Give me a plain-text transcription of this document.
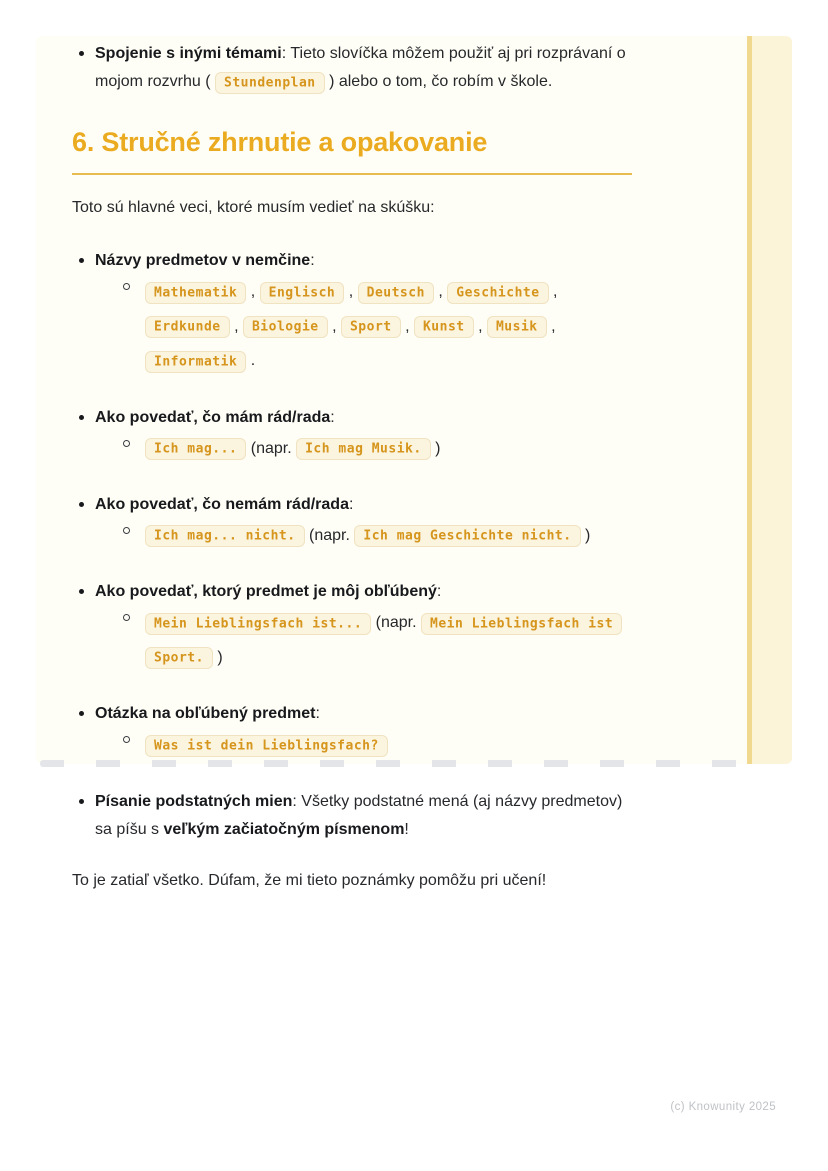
Spojenie s inými témami: Tieto slovíčka môžem použiť aj pri rozprávaní o mojom rozvrhu ( Stundenplan ) alebo o tom, čo robím v škole.
6. Stručné zhrnutie a opakovanie
Toto sú hlavné veci, ktoré musím vedieť na skúšku:
Názvy predmetov v nemčine:
Mathematik , Englisch , Deutsch , Geschichte , Erdkunde , Biologie , Sport , Kunst , Musik , Informatik .
Ako povedať, čo mám rád/rada:
Ich mag... (napr. Ich mag Musik. )
Ako povedať, čo nemám rád/rada:
Ich mag... nicht. (napr. Ich mag Geschichte nicht. )
Ako povedať, ktorý predmet je môj obľúbený:
Mein Lieblingsfach ist... (napr. Mein Lieblingsfach ist Sport. )
Otázka na obľúbený predmet:
Was ist dein Lieblingsfach?
Písanie podstatných mien: Všetky podstatné mená (aj názvy predmetov) sa píšu s veľkým začiatočným písmenom!
To je zatiaľ všetko. Dúfam, že mi tieto poznámky pomôžu pri učení!
(c) Knowunity 2025
